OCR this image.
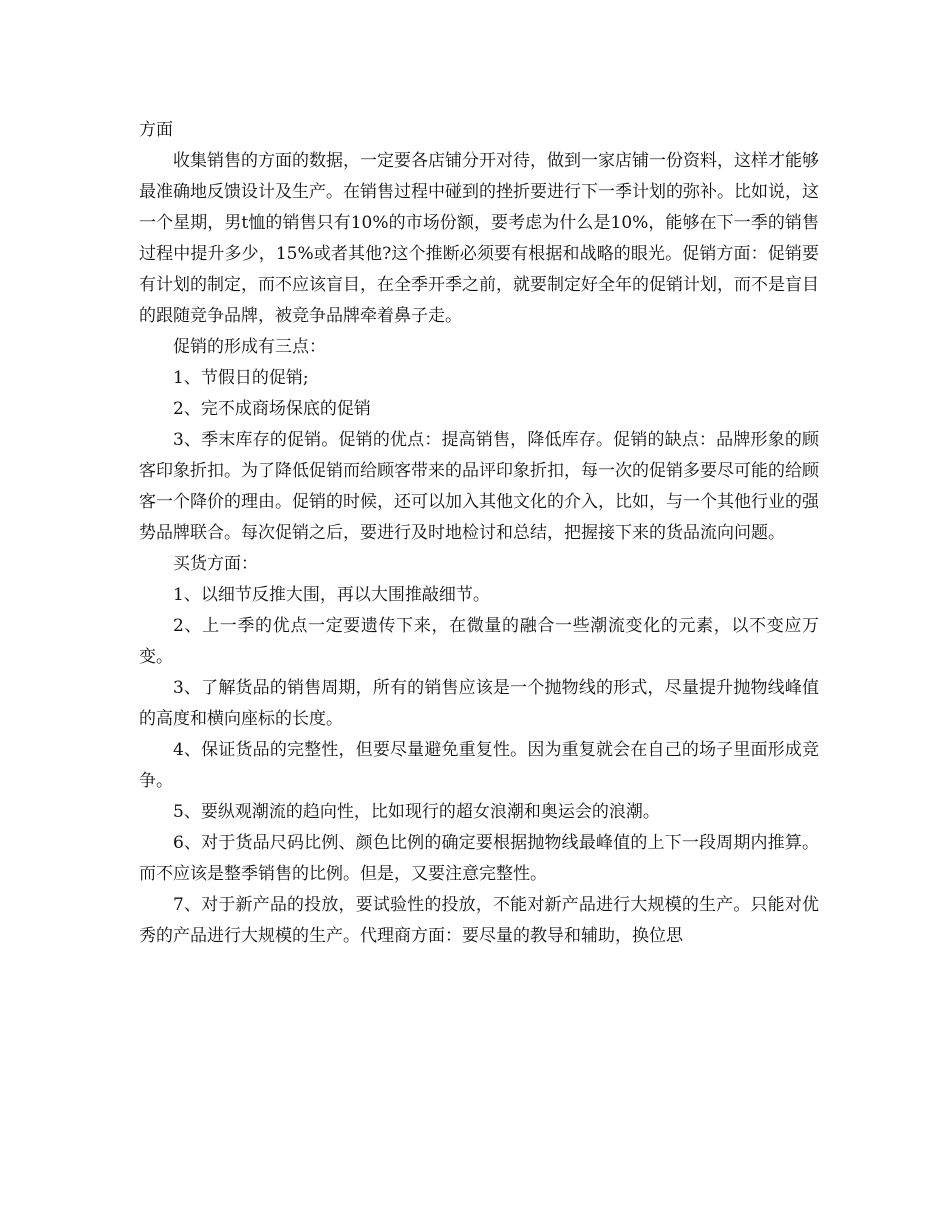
方面

收集销售的方面的数据，一定要各店铺分开对待，做到一家店铺一份资料，这样才能够最准确地反馈设计及生产。在销售过程中碰到的挫折要进行下一季计划的弥补。比如说，这一个星期，男t恤的销售只有10%的市场份额，要考虑为什么是10%，能够在下一季的销售过程中提升多少，15%或者其他?这个推断必须要有根据和战略的眼光。促销方面：促销要有计划的制定，而不应该盲目，在全季开季之前，就要制定好全年的促销计划，而不是盲目的跟随竞争品牌，被竞争品牌牵着鼻子走。

促销的形成有三点：

1、节假日的促销;

2、完不成商场保底的促销

3、季末库存的促销。促销的优点：提高销售，降低库存。促销的缺点：品牌形象的顾客印象折扣。为了降低促销而给顾客带来的品评印象折扣，每一次的促销多要尽可能的给顾客一个降价的理由。促销的时候，还可以加入其他文化的介入，比如，与一个其他行业的强势品牌联合。每次促销之后，要进行及时地检讨和总结，把握接下来的货品流向问题。

买货方面：

1、以细节反推大围，再以大围推敲细节。

2、上一季的优点一定要遗传下来，在微量的融合一些潮流变化的元素，以不变应万变。

3、了解货品的销售周期，所有的销售应该是一个抛物线的形式，尽量提升抛物线峰值的高度和横向座标的长度。

4、保证货品的完整性，但要尽量避免重复性。因为重复就会在自己的场子里面形成竞争。

5、要纵观潮流的趋向性，比如现行的超女浪潮和奥运会的浪潮。

6、对于货品尺码比例、颜色比例的确定要根据抛物线最峰值的上下一段周期内推算。而不应该是整季销售的比例。但是，又要注意完整性。

7、对于新产品的投放，要试验性的投放，不能对新产品进行大规模的生产。只能对优秀的产品进行大规模的生产。代理商方面：要尽量的教导和辅助，换位思
